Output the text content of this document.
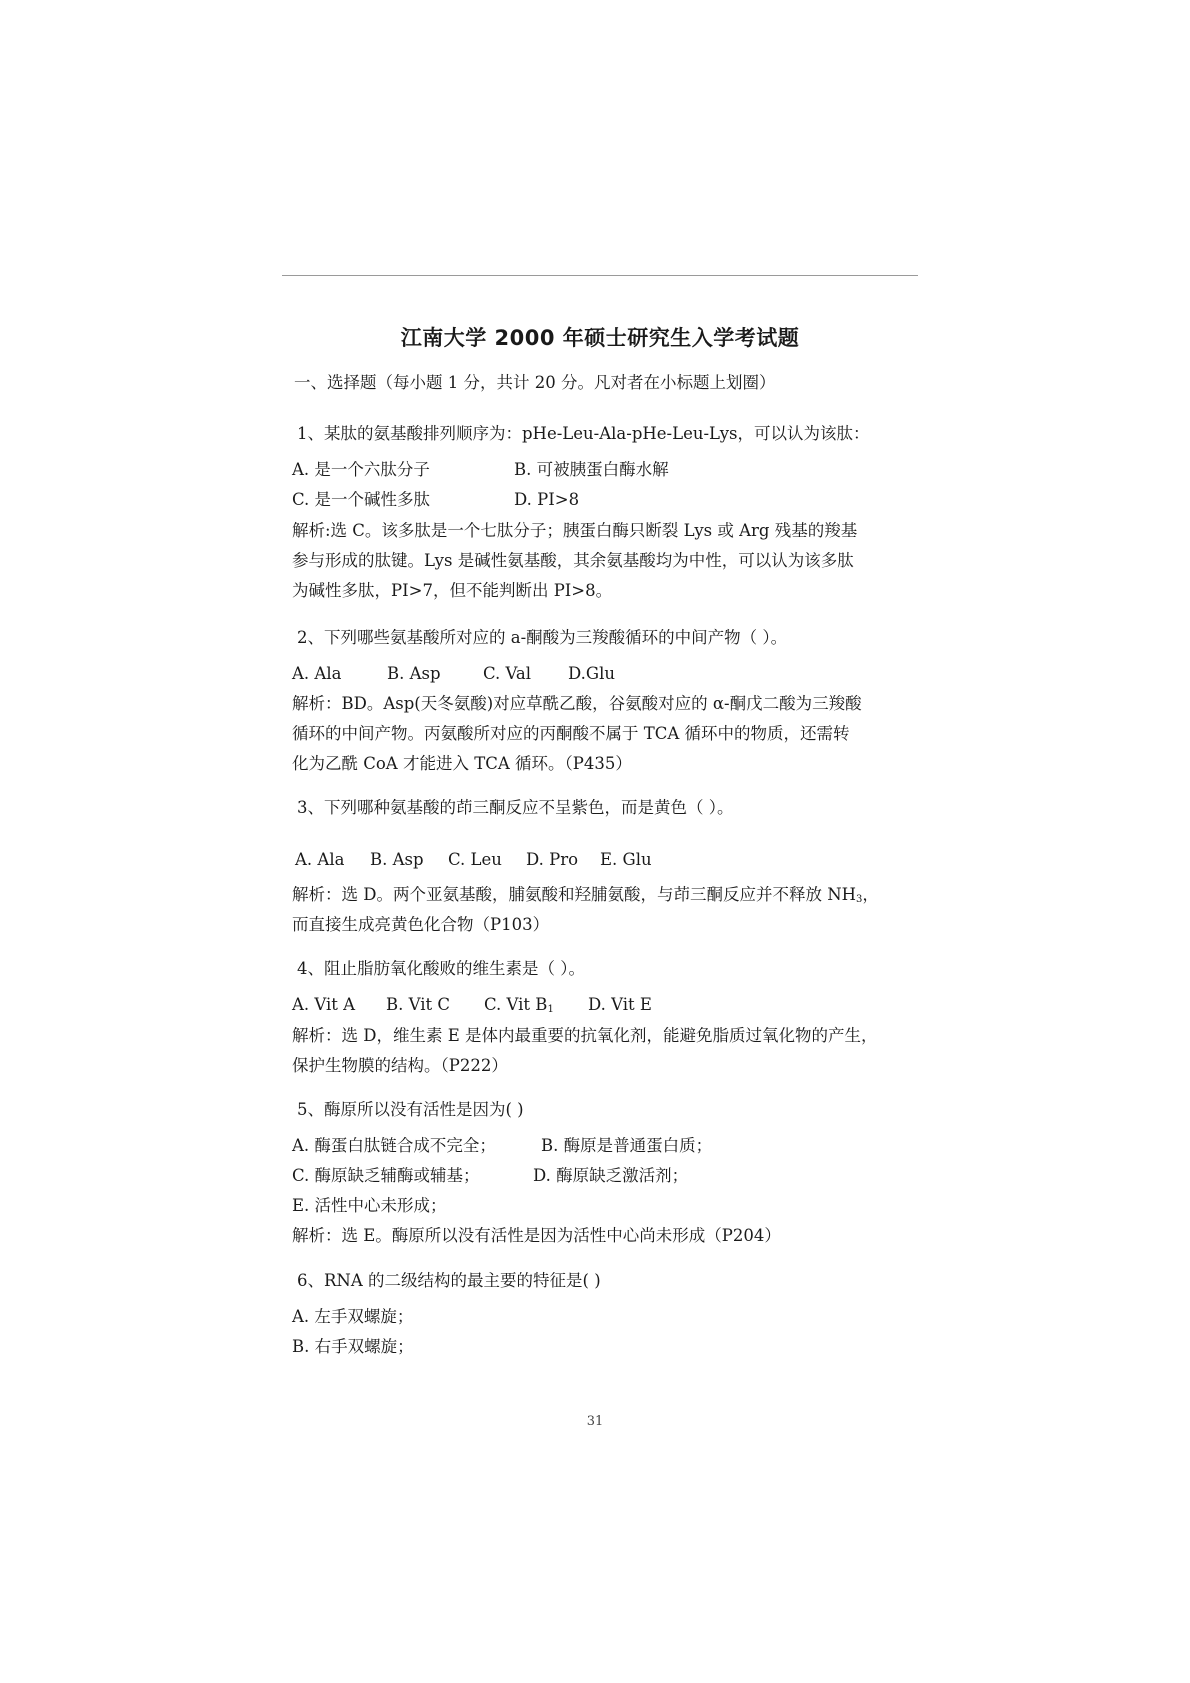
江南大学 2000 年硕士研究生入学考试题
一、选择题（每小题 1 分，共计 20 分。凡对者在小标题上划圈）
1、某肽的氨基酸排列顺序为：pHe-Leu-Ala-pHe-Leu-Lys，可以认为该肽：
A. 是一个六肽分子	B. 可被胰蛋白酶水解
C. 是一个碱性多肽	D. PI>8
解析:选 C。该多肽是一个七肽分子；胰蛋白酶只断裂 Lys 或 Arg 残基的羧基
参与形成的肽键。Lys 是碱性氨基酸，其余氨基酸均为中性，可以认为该多肽
为碱性多肽，PI>7，但不能判断出 PI>8。
2、下列哪些氨基酸所对应的 a-酮酸为三羧酸循环的中间产物（ ）。
A. Ala	B. Asp	C. Val D.Glu
解析：BD。Asp(天冬氨酸)对应草酰乙酸，谷氨酸对应的 α-酮戊二酸为三羧酸
循环的中间产物。丙氨酸所对应的丙酮酸不属于 TCA 循环中的物质，还需转
化为乙酰 CoA 才能进入 TCA 循环。（P435）
3、下列哪种氨基酸的茚三酮反应不呈紫色，而是黄色（ ）。
A. Ala B. Asp C. Leu D. Pro E. Glu
解析：选 D。两个亚氨基酸，脯氨酸和羟脯氨酸，与茚三酮反应并不释放 $NH_3$，
而直接生成亮黄色化合物（P103）
4、阻止脂肪氧化酸败的维生素是（ ）。
A. Vit A B. Vit C C. Vit $B_1$ D. Vit E
解析：选 D，维生素 E 是体内最重要的抗氧化剂，能避免脂质过氧化物的产生，
保护生物膜的结构。（P222）
5、酶原所以没有活性是因为( )
A. 酶蛋白肽链合成不完全；	B. 酶原是普通蛋白质；
C. 酶原缺乏辅酶或辅基；	D. 酶原缺乏激活剂；
E. 活性中心未形成；
解析：选 E。酶原所以没有活性是因为活性中心尚未形成（P204）
6、RNA 的二级结构的最主要的特征是( )
A. 左手双螺旋；
B. 右手双螺旋；
31
